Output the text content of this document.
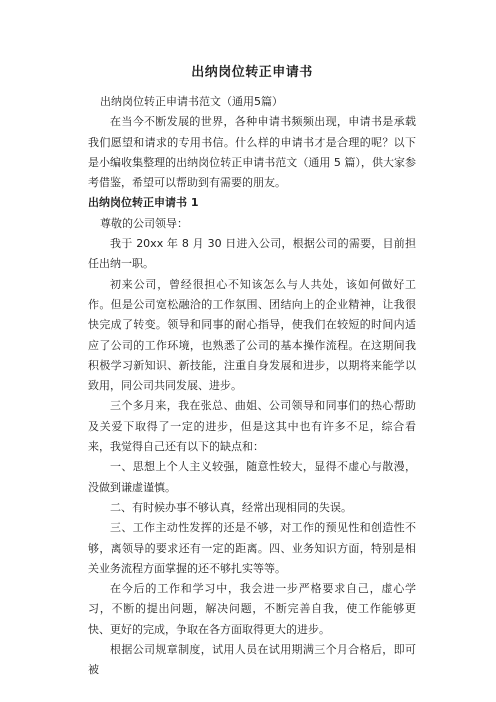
出纳岗位转正申请书

出纳岗位转正申请书范文（通用5篇）

在当今不断发展的世界，各种申请书频频出现，申请书是承载我们愿望和请求的专用书信。什么样的申请书才是合理的呢？以下是小编收集整理的出纳岗位转正申请书范文（通用 5 篇），供大家参考借鉴，希望可以帮助到有需要的朋友。

出纳岗位转正申请书 1

尊敬的公司领导：

我于 20xx 年 8 月 30 日进入公司，根据公司的需要，目前担任出纳一职。

初来公司，曾经很担心不知该怎么与人共处，该如何做好工作。但是公司宽松融洽的工作氛围、团结向上的企业精神，让我很快完成了转变。领导和同事的耐心指导，使我们在较短的时间内适应了公司的工作环境，也熟悉了公司的基本操作流程。在这期间我积极学习新知识、新技能，注重自身发展和进步，以期将来能学以致用，同公司共同发展、进步。

三个多月来，我在张总、曲姐、公司领导和同事们的热心帮助及关爱下取得了一定的进步，但是这其中也有许多不足，综合看来，我觉得自己还有以下的缺点和：

一、思想上个人主义较强，随意性较大，显得不虚心与散漫，没做到谦虚谨慎。

二、有时候办事不够认真，经常出现相同的失误。

三、工作主动性发挥的还是不够，对工作的预见性和创造性不够，离领导的要求还有一定的距离。四、业务知识方面，特别是相关业务流程方面掌握的还不够扎实等等。

在今后的工作和学习中，我会进一步严格要求自己，虚心学习，不断的提出问题，解决问题，不断完善自我，使工作能够更快、更好的完成，争取在各方面取得更大的进步。

根据公司规章制度，试用人员在试用期满三个月合格后，即可被
